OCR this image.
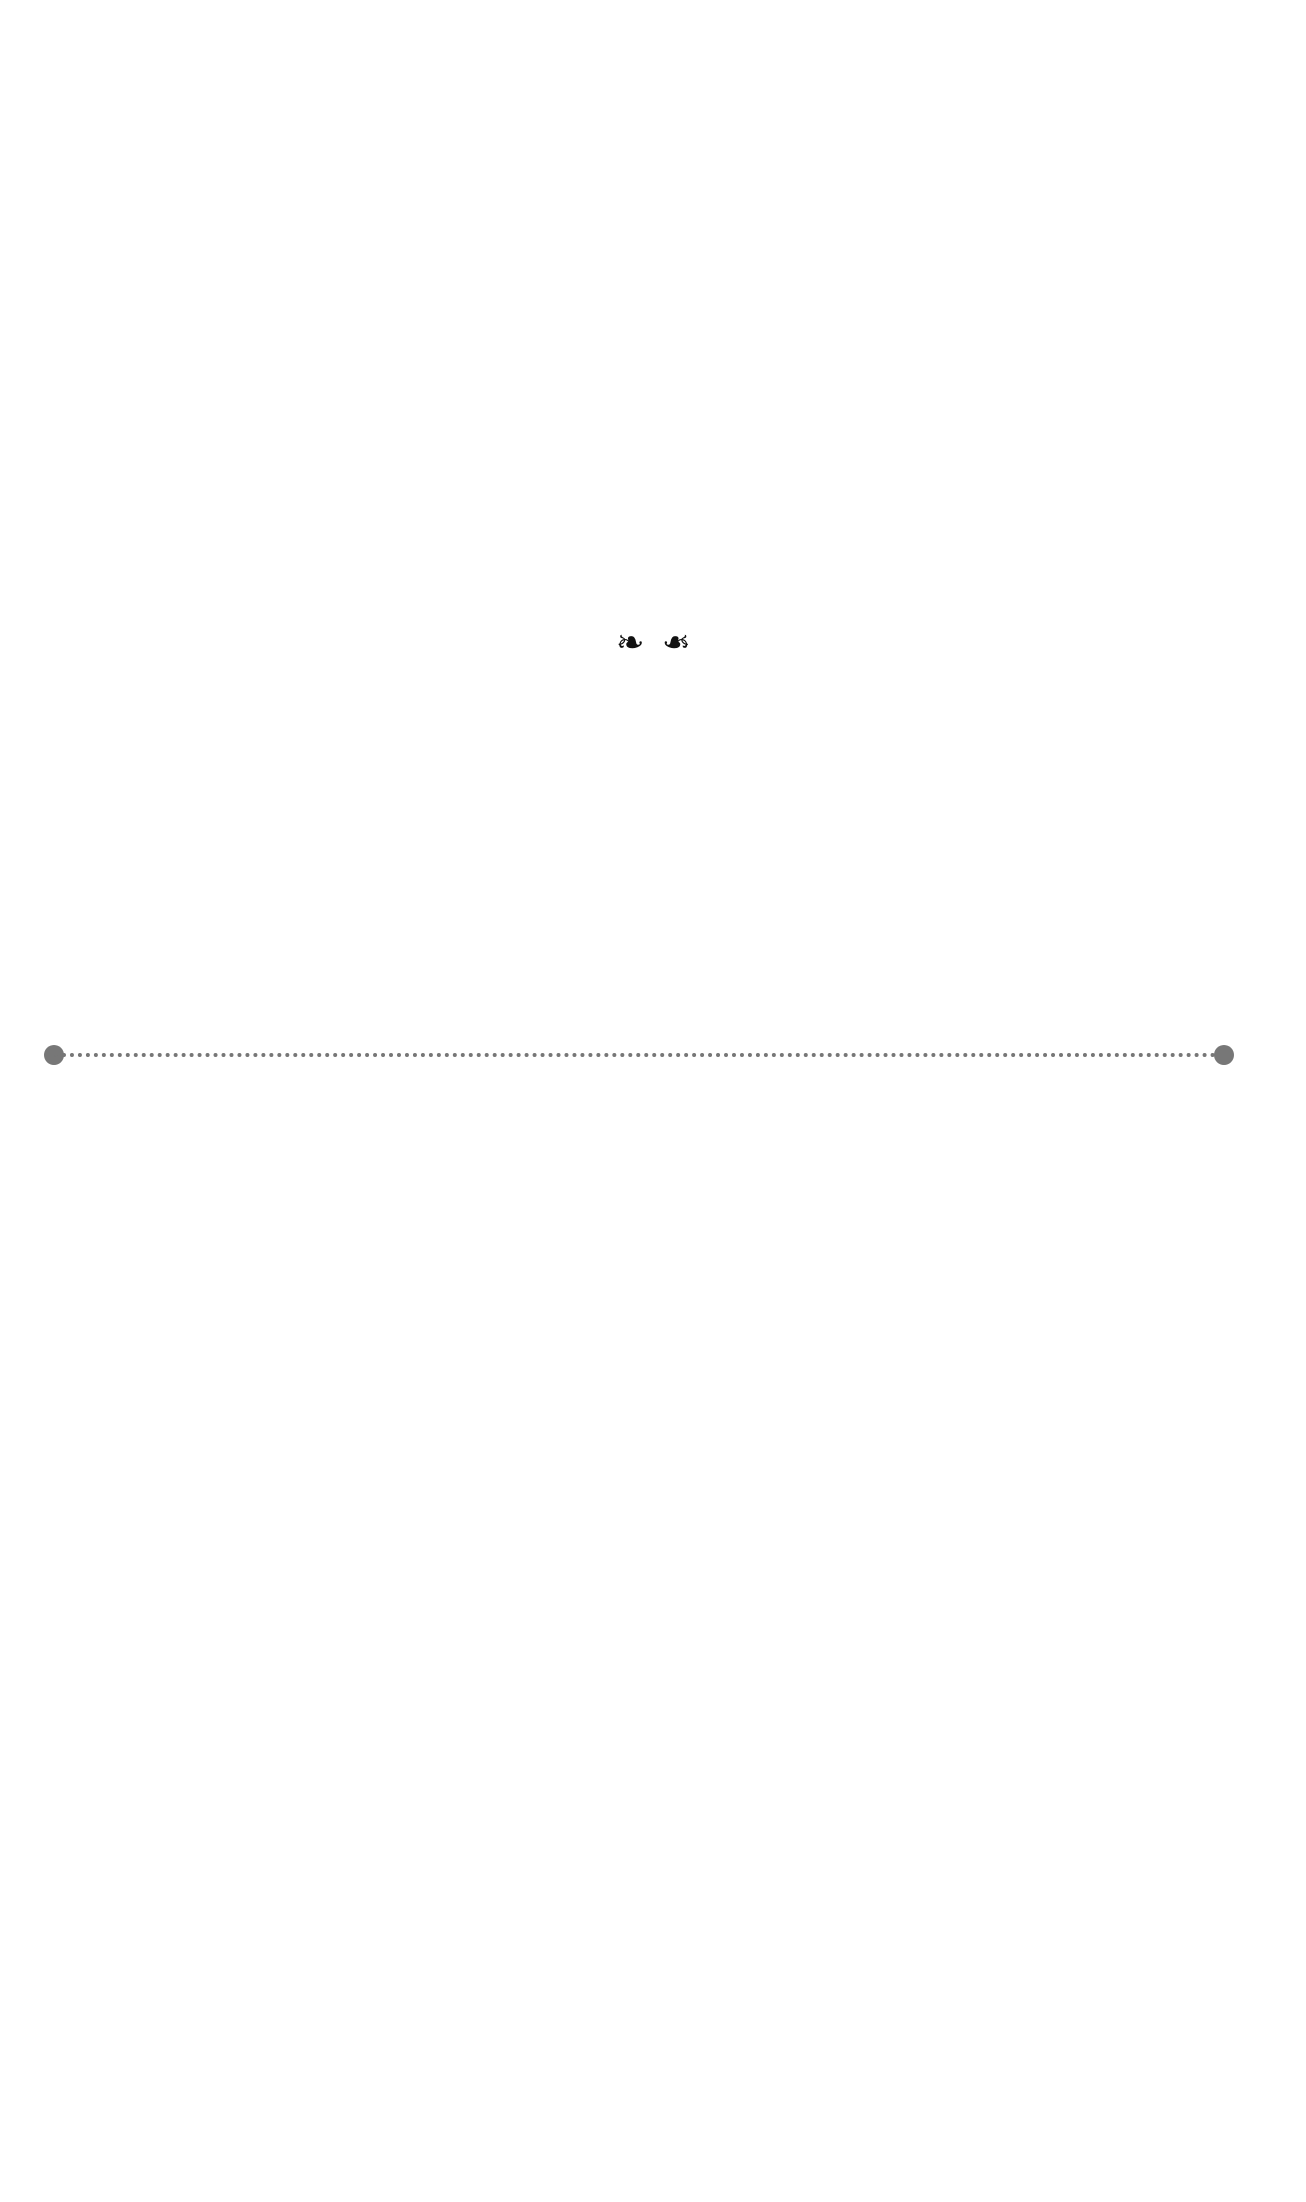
❧ ❧
